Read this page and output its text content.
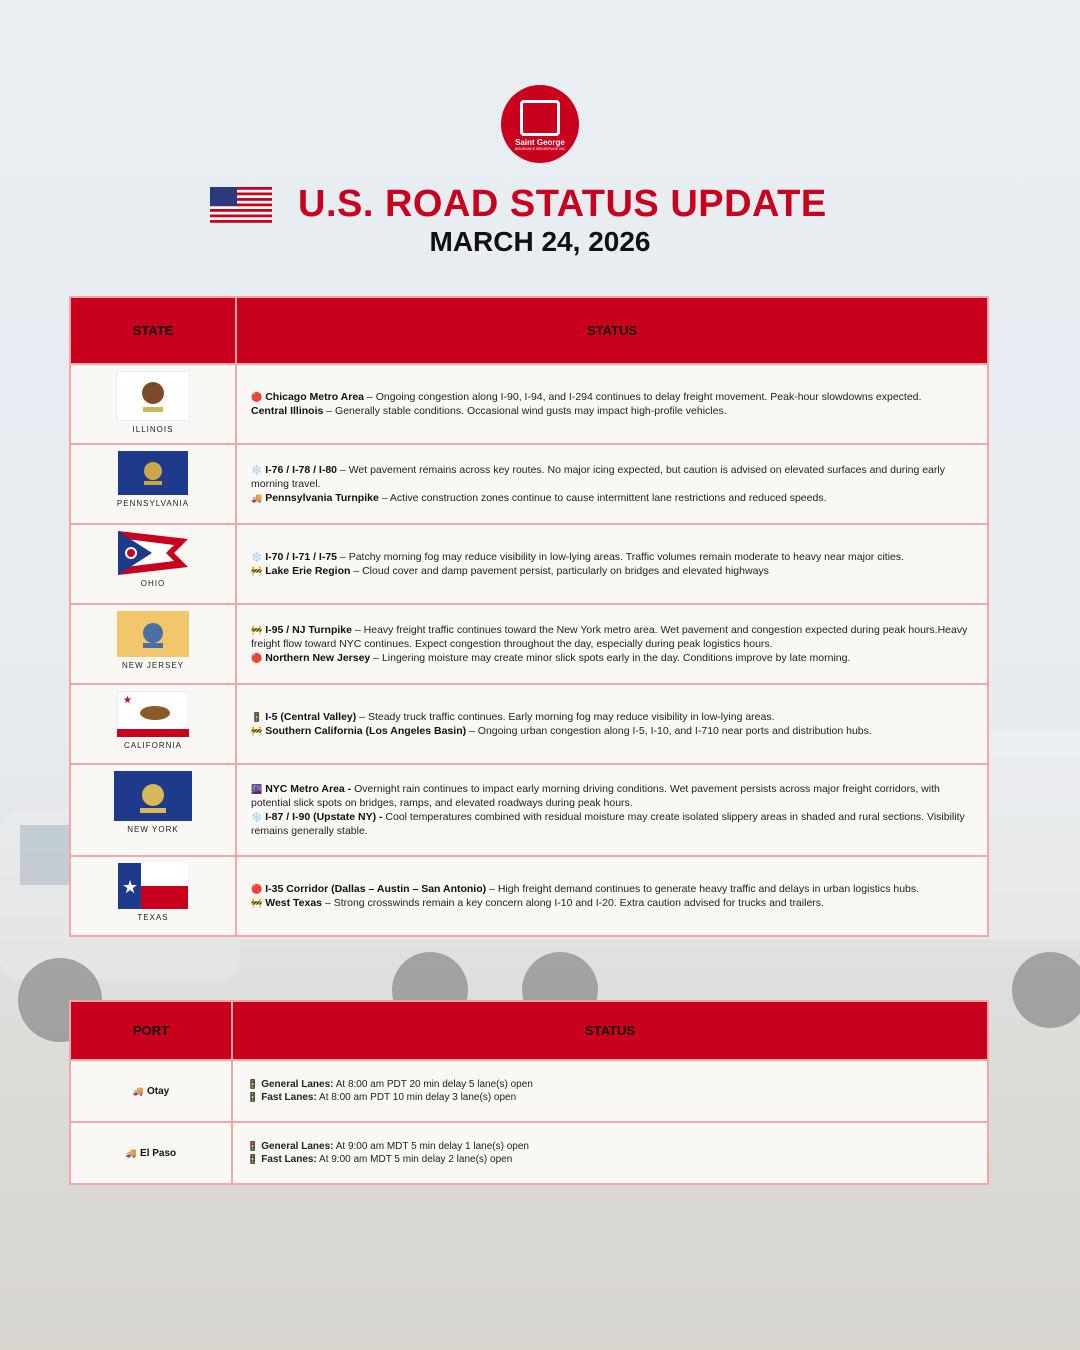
Saint George
INSURANCE BROKERAGE INC
U.S. ROAD STATUS UPDATE
MARCH 24, 2026
STATE	STATUS

ILLINOIS	🔴 Chicago Metro Area – Ongoing congestion along I-90, I-94, and I-294 continues to delay freight movement. Peak-hour slowdowns expected.
Central Illinois – Generally stable conditions. Occasional wind gusts may impact high-profile vehicles.

PENNSYLVANIA	❄️ I-76 / I-78 / I-80 – Wet pavement remains across key routes. No major icing expected, but caution is advised on elevated surfaces and during early morning travel.
🚚 Pennsylvania Turnpike – Active construction zones continue to cause intermittent lane restrictions and reduced speeds.

OHIO	❄️ I-70 / I-71 / I-75 – Patchy morning fog may reduce visibility in low-lying areas. Traffic volumes remain moderate to heavy near major cities.
🚧 Lake Erie Region – Cloud cover and damp pavement persist, particularly on bridges and elevated highways

NEW JERSEY	🚧 I-95 / NJ Turnpike – Heavy freight traffic continues toward the New York metro area. Wet pavement and congestion expected during peak hours.Heavy freight flow toward NYC continues. Expect congestion throughout the day, especially during peak logistics hours.
🔴 Northern New Jersey – Lingering moisture may create minor slick spots early in the day. Conditions improve by late morning.

★
CALIFORNIA	🚦 I-5 (Central Valley) – Steady truck traffic continues. Early morning fog may reduce visibility in low-lying areas.
🚧 Southern California (Los Angeles Basin) – Ongoing urban congestion along I-5, I-10, and I-710 near ports and distribution hubs.

NEW YORK	🌆 NYC Metro Area - Overnight rain continues to impact early morning driving conditions. Wet pavement persists across major freight corridors, with potential slick spots on bridges, ramps, and elevated roadways during peak hours.
❄️ I-87 / I-90 (Upstate NY) - Cool temperatures combined with residual moisture may create isolated slippery areas in shaded and rural sections. Visibility remains generally stable.

★
TEXAS	🔴 I-35 Corridor (Dallas – Austin – San Antonio) – High freight demand continues to generate heavy traffic and delays in urban logistics hubs.
🚧 West Texas – Strong crosswinds remain a key concern along I-10 and I-20. Extra caution advised for trucks and trailers.
PORT	STATUS
🚚 Otay	🚦 General Lanes: At 8:00 am PDT 20 min delay 5 lane(s) open
🚦 Fast Lanes: At 8:00 am PDT 10 min delay 3 lane(s) open

🚚 El Paso	🚦 General Lanes: At 9:00 am MDT 5 min delay 1 lane(s) open
🚦 Fast Lanes: At 9:00 am MDT 5 min delay 2 lane(s) open
